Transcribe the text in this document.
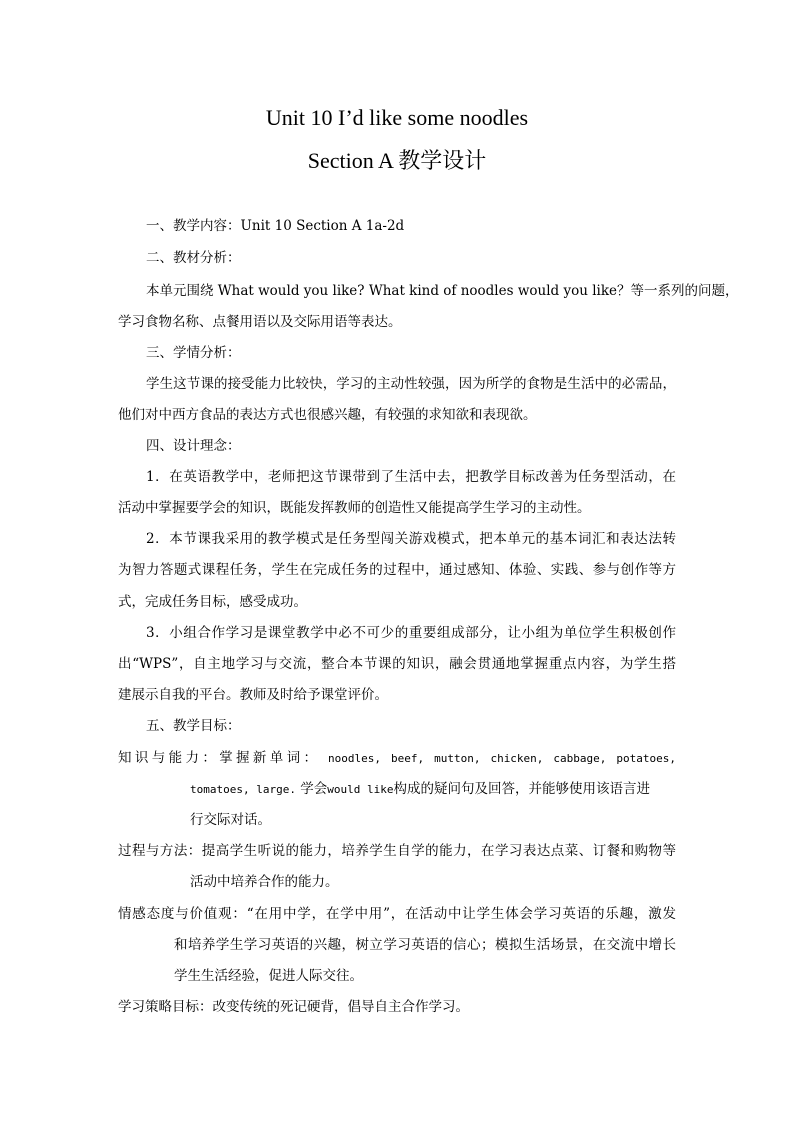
Unit 10 I’d like some noodles
Section A 教学设计
一、教学内容：Unit 10 Section A 1a-2d
二、教材分析：
本单元围绕 What would you like? What kind of noodles would you like？等一系列的问题，
学习食物名称、点餐用语以及交际用语等表达。
三、学情分析：
学生这节课的接受能力比较快，学习的主动性较强，因为所学的食物是生活中的必需品，
他们对中西方食品的表达方式也很感兴趣，有较强的求知欲和表现欲。
四、设计理念：
1．在英语教学中，老师把这节课带到了生活中去，把教学目标改善为任务型活动，在
活动中掌握要学会的知识，既能发挥教师的创造性又能提高学生学习的主动性。
2．本节课我采用的教学模式是任务型闯关游戏模式，把本单元的基本词汇和表达法转
为智力答题式课程任务，学生在完成任务的过程中，通过感知、体验、实践、参与创作等方
式，完成任务目标，感受成功。
3．小组合作学习是课堂教学中必不可少的重要组成部分，让小组为单位学生积极创作
出“WPS”，自主地学习与交流，整合本节课的知识，融会贯通地掌握重点内容，为学生搭
建展示自我的平台。教师及时给予课堂评价。
五、教学目标：
知识与能力：掌握新单词： noodles, beef, mutton, chicken, cabbage, potatoes,
tomatoes, large. 学会would like构成的疑问句及回答，并能够使用该语言进
行交际对话。
过程与方法：提高学生听说的能力，培养学生自学的能力，在学习表达点菜、订餐和购物等
活动中培养合作的能力。
情感态度与价值观：“在用中学，在学中用”，在活动中让学生体会学习英语的乐趣，激发
和培养学生学习英语的兴趣，树立学习英语的信心；模拟生活场景，在交流中增长
学生生活经验，促进人际交往。
学习策略目标：改变传统的死记硬背，倡导自主合作学习。
